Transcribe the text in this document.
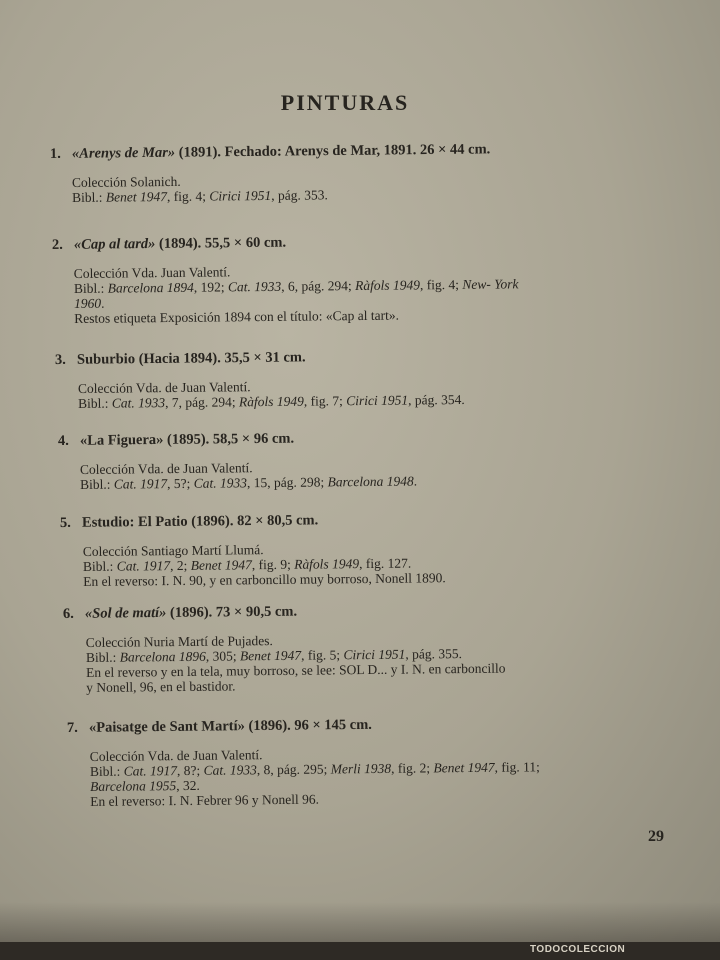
PINTURAS
1. «Arenys de Mar» (1891). Fechado: Arenys de Mar, 1891. 26 × 44 cm.
Colección Solanich.
Bibl.: Benet 1947, fig. 4; Cirici 1951, pág. 353.
2. «Cap al tard» (1894). 55,5 × 60 cm.
Colección Vda. Juan Valentí.
Bibl.: Barcelona 1894, 192; Cat. 1933, 6, pág. 294; Ràfols 1949, fig. 4; New- York
1960.
Restos etiqueta Exposición 1894 con el título: «Cap al tart».
3. Suburbio (Hacia 1894). 35,5 × 31 cm.
Colección Vda. de Juan Valentí.
Bibl.: Cat. 1933, 7, pág. 294; Ràfols 1949, fig. 7; Cirici 1951, pág. 354.
4. «La Figuera» (1895). 58,5 × 96 cm.
Colección Vda. de Juan Valentí.
Bibl.: Cat. 1917, 5?; Cat. 1933, 15, pág. 298; Barcelona 1948.
5. Estudio: El Patio (1896). 82 × 80,5 cm.
Colección Santiago Martí Llumá.
Bibl.: Cat. 1917, 2; Benet 1947, fig. 9; Ràfols 1949, fig. 127.
En el reverso: I. N. 90, y en carboncillo muy borroso, Nonell 1890.
6. «Sol de matí» (1896). 73 × 90,5 cm.
Colección Nuria Martí de Pujades.
Bibl.: Barcelona 1896, 305; Benet 1947, fig. 5; Cirici 1951, pág. 355.
En el reverso y en la tela, muy borroso, se lee: SOL D... y I. N. en carboncillo
y Nonell, 96, en el bastidor.
7. «Paisatge de Sant Martí» (1896). 96 × 145 cm.
Colección Vda. de Juan Valentí.
Bibl.: Cat. 1917, 8?; Cat. 1933, 8, pág. 295; Merli 1938, fig. 2; Benet 1947, fig. 11;
Barcelona 1955, 32.
En el reverso: I. N. Febrer 96 y Nonell 96.
29
TODOCOLECCION
